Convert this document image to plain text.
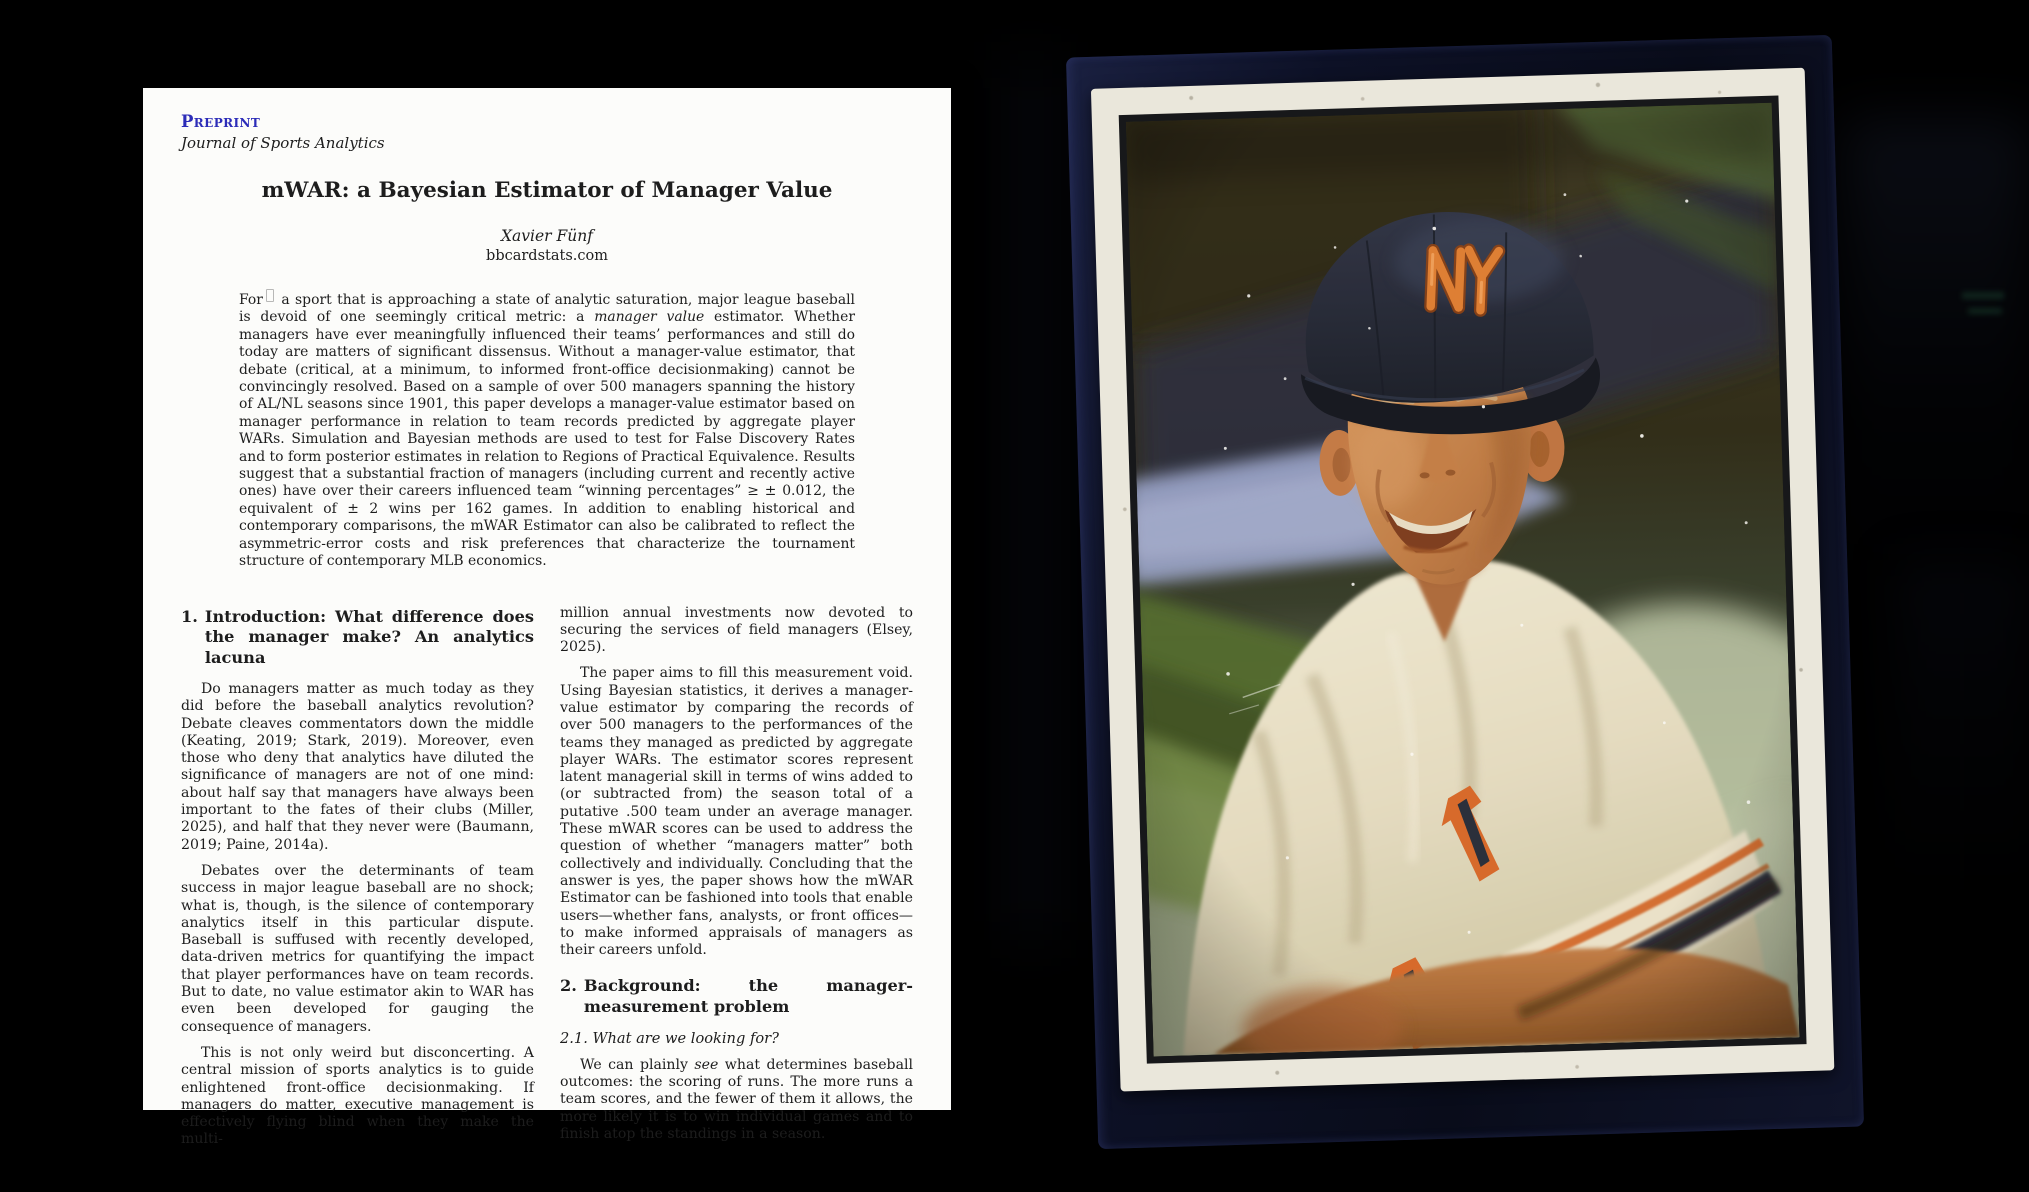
Preprint
Journal of Sports Analytics
mWAR: a Bayesian Estimator of Manager Value
Xavier Fünf
bbcardstats.com
For a sport that is approaching a state of analytic saturation, major league baseball is devoid of one seemingly critical metric: a manager value estimator. Whether managers have ever meaningfully influenced their teams’ performances and still do today are matters of significant dissensus. Without a manager-value estimator, that debate (critical, at a minimum, to informed front-office decisionmaking) cannot be convincingly resolved. Based on a sample of over 500 managers spanning the history of AL/NL seasons since 1901, this paper develops a manager-value estimator based on manager performance in relation to team records predicted by aggregate player WARs. Simulation and Bayesian methods are used to test for False Discovery Rates and to form posterior estimates in relation to Regions of Practical Equivalence. Results suggest that a substantial fraction of managers (including current and recently active ones) have over their careers influenced team “winning percentages” ≥ ± 0.012, the equivalent of ± 2 wins per 162 games. In addition to enabling historical and contemporary comparisons, the mWAR Estimator can also be calibrated to reflect the asymmetric-error costs and risk preferences that characterize the tournament structure of contemporary MLB economics.
1. Introduction: What difference does the manager make? An analytics lacuna

Do managers matter as much today as they did before the baseball analytics revolution? Debate cleaves commentators down the middle (Keating, 2019; Stark, 2019). Moreover, even those who deny that analytics have diluted the significance of managers are not of one mind: about half say that managers have always been important to the fates of their clubs (Miller, 2025), and half that they never were (Baumann, 2019; Paine, 2014a).

Debates over the determinants of team success in major league baseball are no shock; what is, though, is the silence of contemporary analytics itself in this particular dispute. Baseball is suffused with recently developed, data-driven metrics for quantifying the impact that player performances have on team records. But to date, no value estimator akin to WAR has even been developed for gauging the consequence of managers.

This is not only weird but disconcerting. A central mission of sports analytics is to guide enlightened front-office decisionmaking. If managers do matter, executive management is effectively flying blind when they make the multi-

million annual investments now devoted to securing the services of field managers (Elsey, 2025).

The paper aims to fill this measurement void. Using Bayesian statistics, it derives a manager-value estimator by comparing the records of over 500 managers to the performances of the teams they managed as predicted by aggregate player WARs. The estimator scores represent latent managerial skill in terms of wins added to (or subtracted from) the season total of a putative .500 team under an average manager. These mWAR scores can be used to address the question of whether “managers matter” both collectively and individually. Concluding that the answer is yes, the paper shows how the mWAR Estimator can be fashioned into tools that enable users—whether fans, analysts, or front offices—to make informed appraisals of managers as their careers unfold.

2. Background: the manager-measurement problem
2.1. What are we looking for?

We can plainly see what determines baseball outcomes: the scoring of runs. The more runs a team scores, and the fewer of them it allows, the more likely it is to win individual games and to finish atop the standings in a season.
